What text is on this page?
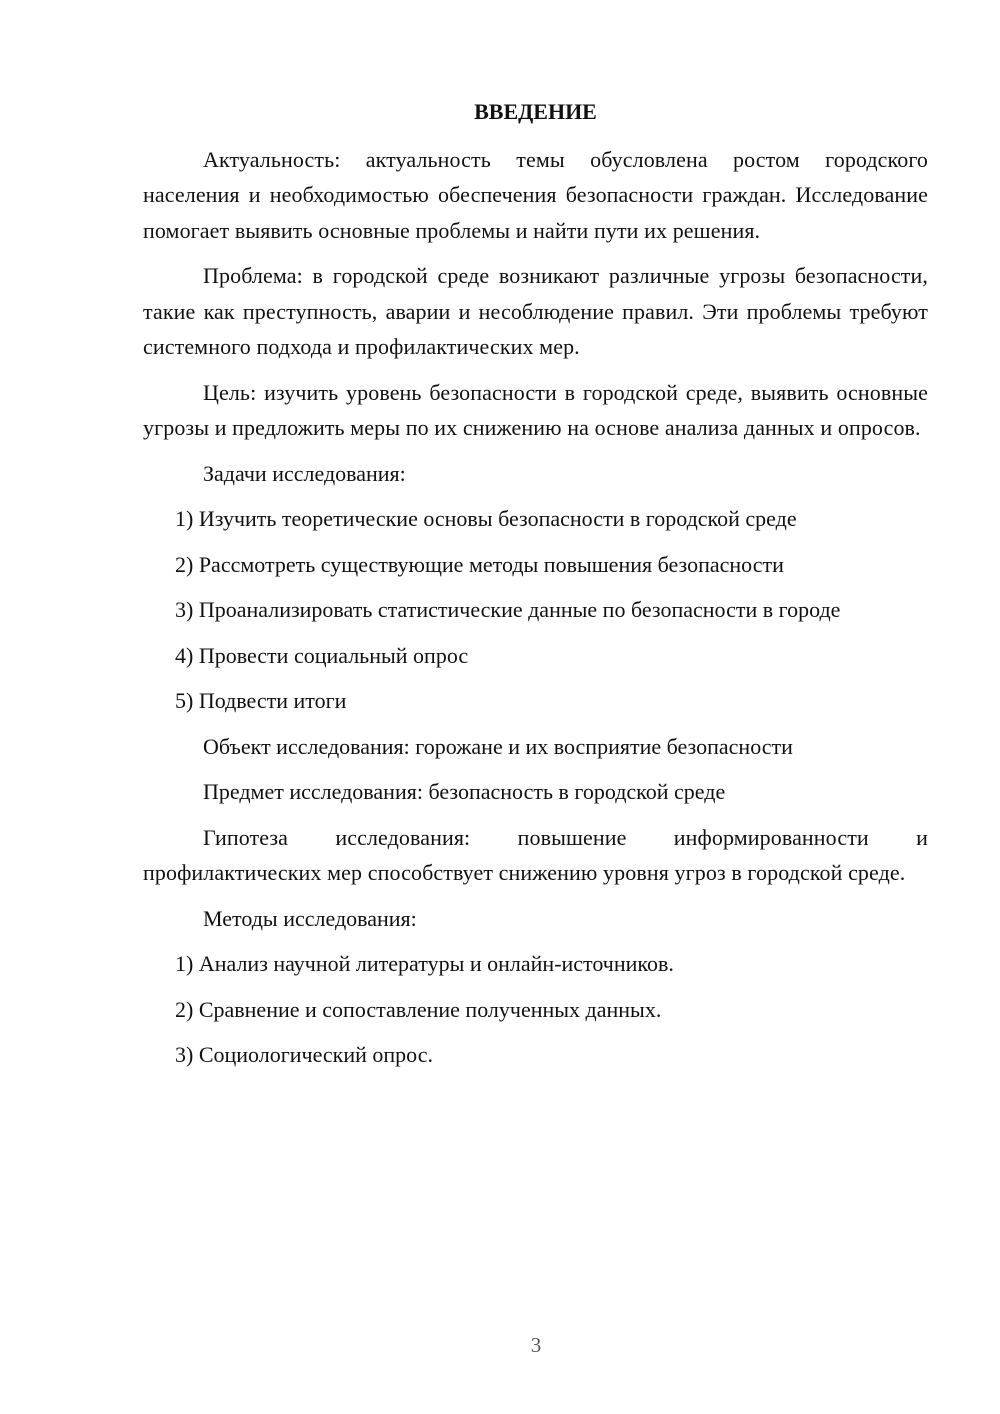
ВВЕДЕНИЕ

Актуальность: актуальность темы обусловлена ростом городского населения и необходимостью обеспечения безопасности граждан. Исследование помогает выявить основные проблемы и найти пути их решения.

Проблема: в городской среде возникают различные угрозы безопасности, такие как преступность, аварии и несоблюдение правил. Эти проблемы требуют системного подхода и профилактических мер.

Цель: изучить уровень безопасности в городской среде, выявить основные угрозы и предложить меры по их снижению на основе анализа данных и опросов.

Задачи исследования:

1) Изучить теоретические основы безопасности в городской среде

2) Рассмотреть существующие методы повышения безопасности

3) Проанализировать статистические данные по безопасности в городе

4) Провести социальный опрос

5) Подвести итоги

Объект исследования: горожане и их восприятие безопасности

Предмет исследования: безопасность в городской среде

Гипотеза исследования: повышение информированности и профилактических мер способствует снижению уровня угроз в городской среде.

Методы исследования:

1) Анализ научной литературы и онлайн-источников.

2) Сравнение и сопоставление полученных данных.

3) Социологический опрос.

3
